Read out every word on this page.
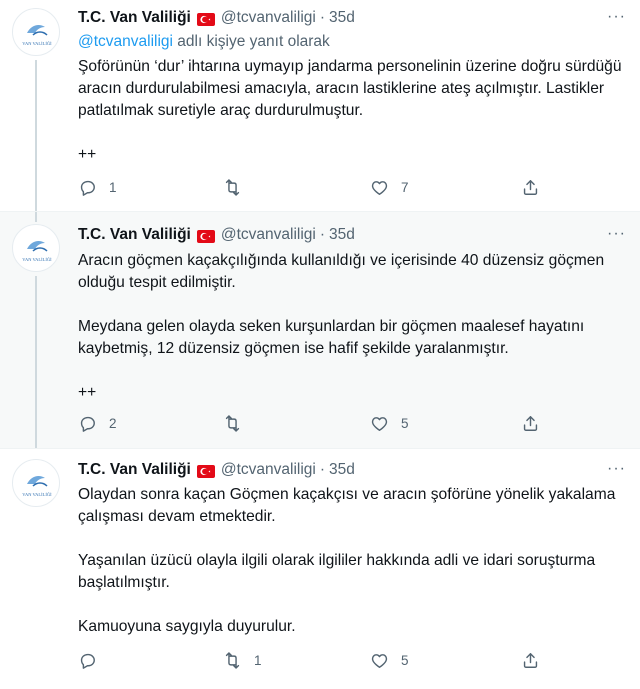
VAN VALİLİĞİ
T.C. Van Valiliği @tcvanvaliligi · 35d	···
@tcvanvaliligi adlı kişiye yanıt olarak

Şoförünün ‘dur’ ihtarına uymayıp jandarma personelinin üzerine doğru sürdüğü aracın durdurulabilmesi amacıyla, aracın lastiklerine ateş açılmıştır. Lastikler patlatılmak suretiyle araç durdurulmuştur.

++

1	7
VAN VALİLİĞİ
T.C. Van Valiliği @tcvanvaliligi · 35d	···

Aracın göçmen kaçakçılığında kullanıldığı ve içerisinde 40 düzensiz göçmen olduğu tespit edilmiştir.

Meydana gelen olayda seken kurşunlardan bir göçmen maalesef hayatını kaybetmiş, 12 düzensiz göçmen ise hafif şekilde yaralanmıştır.

++

2	5
VAN VALİLİĞİ
T.C. Van Valiliği @tcvanvaliligi · 35d	···

Olaydan sonra kaçan Göçmen kaçakçısı ve aracın şoförüne yönelik yakalama çalışması devam etmektedir.

Yaşanılan üzücü olayla ilgili olarak ilgililer hakkında adli ve idari soruşturma başlatılmıştır.

Kamuoyuna saygıyla duyurulur.

1	5
